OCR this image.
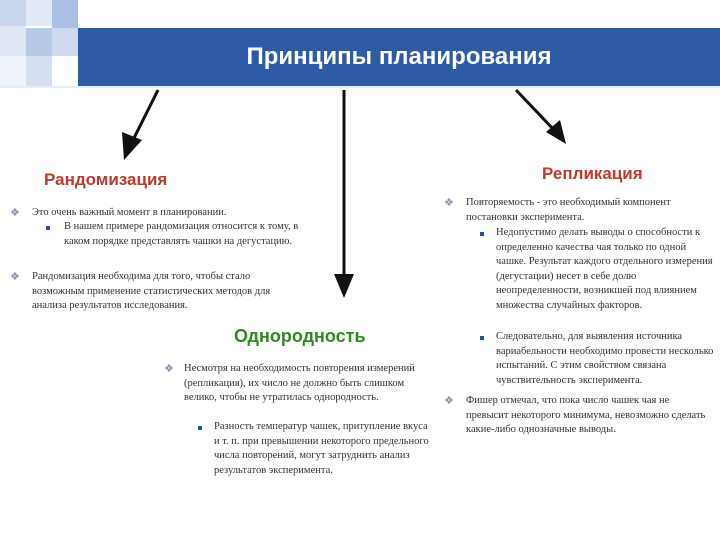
Принципы планирования
Рандомизация
❖ Это очень важный момент в планировании.
В нашем примере рандомизация относится к тому, в каком порядке представлять чашки на дегустацию.
❖ Рандомизация необходима для того, чтобы стало возможным применение статистических методов для анализа результатов исследования.
Однородность
❖ Несмотря на необходимость повторения измерений (репликация), их число не должно быть слишком велико, чтобы не утратилась однородность.
Разность температур чашек, притупление вкуса и т. п. при превышении некоторого предельного числа повторений, могут затруднить анализ результатов эксперимента.
Репликация
❖ Повторяемость - это необходимый компонент постановки эксперимента.
Недопустимо делать выводы о способности к определенно качества чая только по одной чашке. Результат каждого отдельного измерения (дегустации) несет в себе долю неопределенности, возникшей под влиянием множества случайных факторов.
Следовательно, для выявления источника вариабельности необходимо провести несколько испытаний. С этим свойством связана чувствительность эксперимента.
❖ Фишер отмечал, что пока число чашек чая не превысит некоторого минимума, невозможно сделать какие-либо однозначные выводы.
